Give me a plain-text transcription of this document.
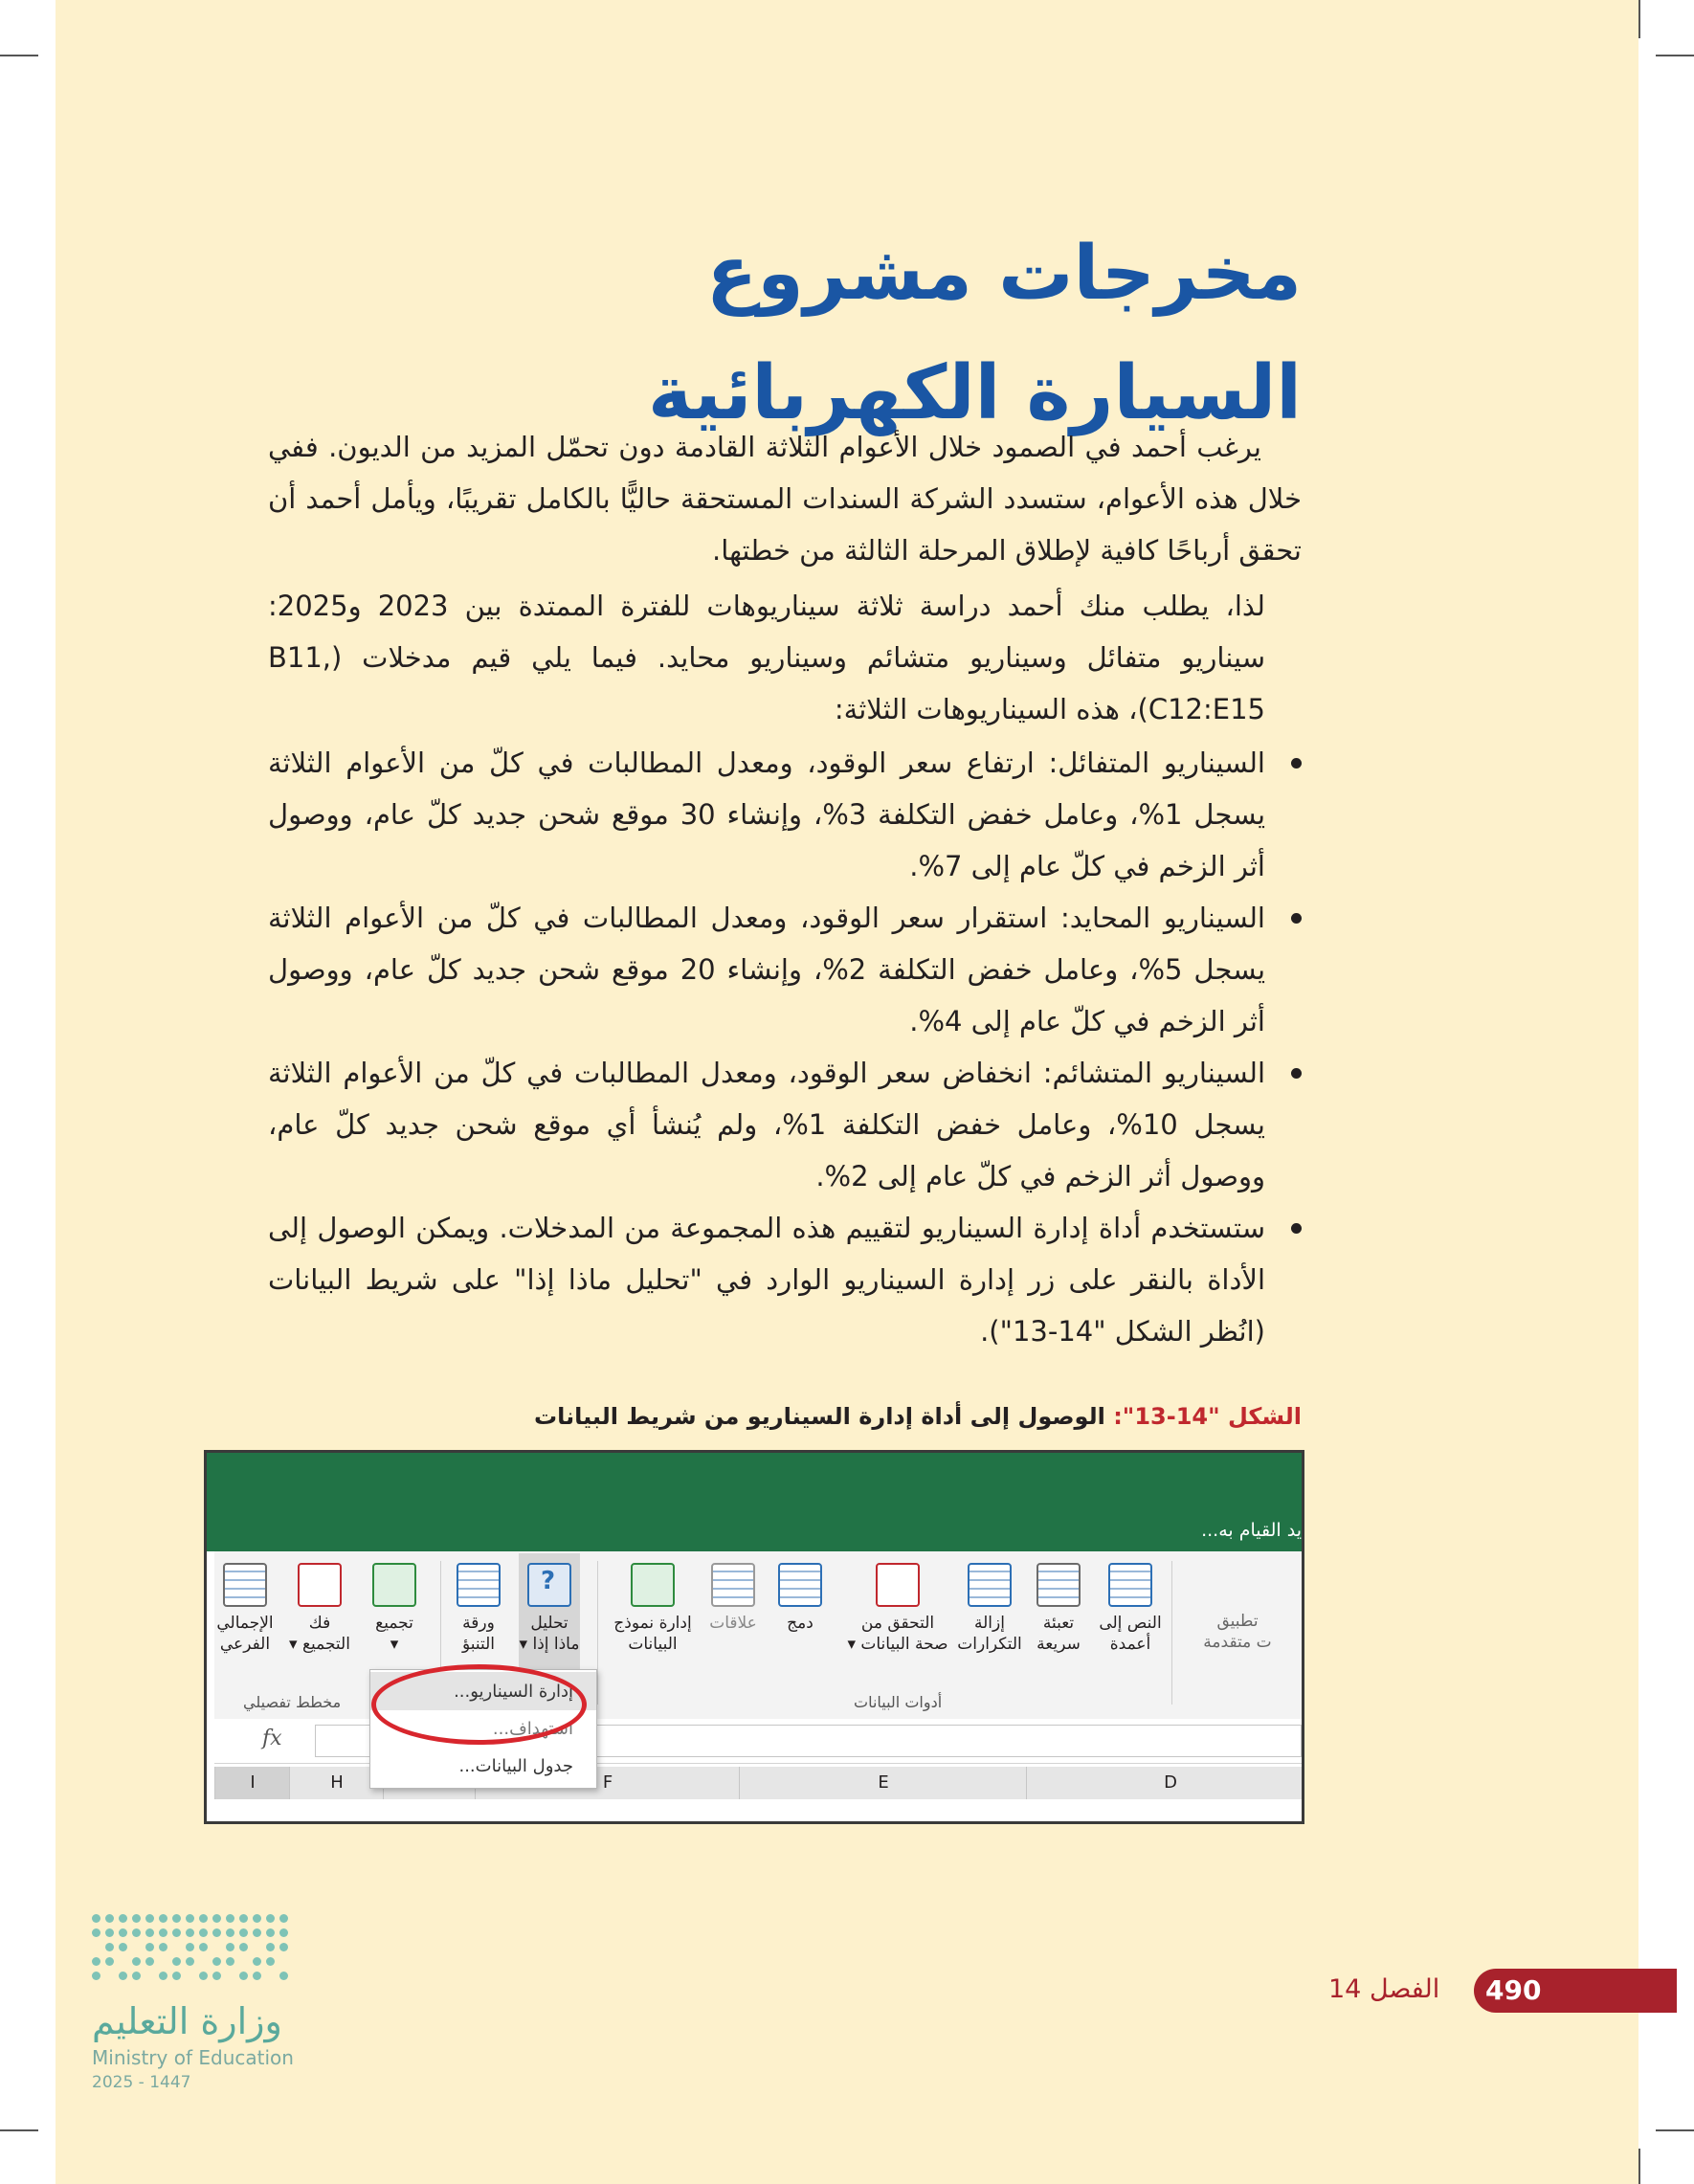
مخرجات مشروع
السيارة الكهربائية

يرغب أحمد في الصمود خلال الأعوام الثلاثة القادمة دون تحمّل المزيد من الديون. ففي خلال هذه الأعوام، ستسدد الشركة السندات المستحقة حاليًّا بالكامل تقريبًا، ويأمل أحمد أن تحقق أرباحًا كافية لإطلاق المرحلة الثالثة من خطتها.

لذا، يطلب منك أحمد دراسة ثلاثة سيناريوهات للفترة الممتدة بين 2023 و2025: سيناريو متفائل وسيناريو متشائم وسيناريو محايد. فيما يلي قيم مدخلات (B11, C12:E15)، هذه السيناريوهات الثلاثة:

السيناريو المتفائل: ارتفاع سعر الوقود، ومعدل المطالبات في كلّ من الأعوام الثلاثة يسجل 1%، وعامل خفض التكلفة 3%، وإنشاء 30 موقع شحن جديد كلّ عام، ووصول أثر الزخم في كلّ عام إلى 7%.
السيناريو المحايد: استقرار سعر الوقود، ومعدل المطالبات في كلّ من الأعوام الثلاثة يسجل 5%، وعامل خفض التكلفة 2%، وإنشاء 20 موقع شحن جديد كلّ عام، ووصول أثر الزخم في كلّ عام إلى 4%.
السيناريو المتشائم: انخفاض سعر الوقود، ومعدل المطالبات في كلّ من الأعوام الثلاثة يسجل 10%، وعامل خفض التكلفة 1%، ولم يُنشأ أي موقع شحن جديد كلّ عام، ووصول أثر الزخم في كلّ عام إلى 2%.
ستستخدم أداة إدارة السيناريو لتقييم هذه المجموعة من المدخلات. ويمكن الوصول إلى الأداة بالنقر على زر إدارة السيناريو الوارد في "تحليل ماذا إذا" على شريط البيانات (انُظر الشكل "14-13").
الشكل "14-13": الوصول إلى أداة إدارة السيناريو من شريط البيانات
يد القيام به...
الإجمالي
الفرعي
فك
التجميع ▾
تجميع
▾
ورقة
التنبؤ
?
تحليل
ماذا إذا ▾
مخطط تفصيلي
إدارة نموذج
البيانات
علاقات	دمج	التحقق من
صحة البيانات ▾
إزالة
التكرارات
تعبئة
سريعة
النص إلى
أعمدة
أدوات البيانات
تطبيق
ت متقدمة
fx
I	H	F	E	D
إدارة السيناريو...
استهداف...
جدول البيانات...
490
الفصل 14
وزارة التعليم
Ministry of Education
2025 - 1447
